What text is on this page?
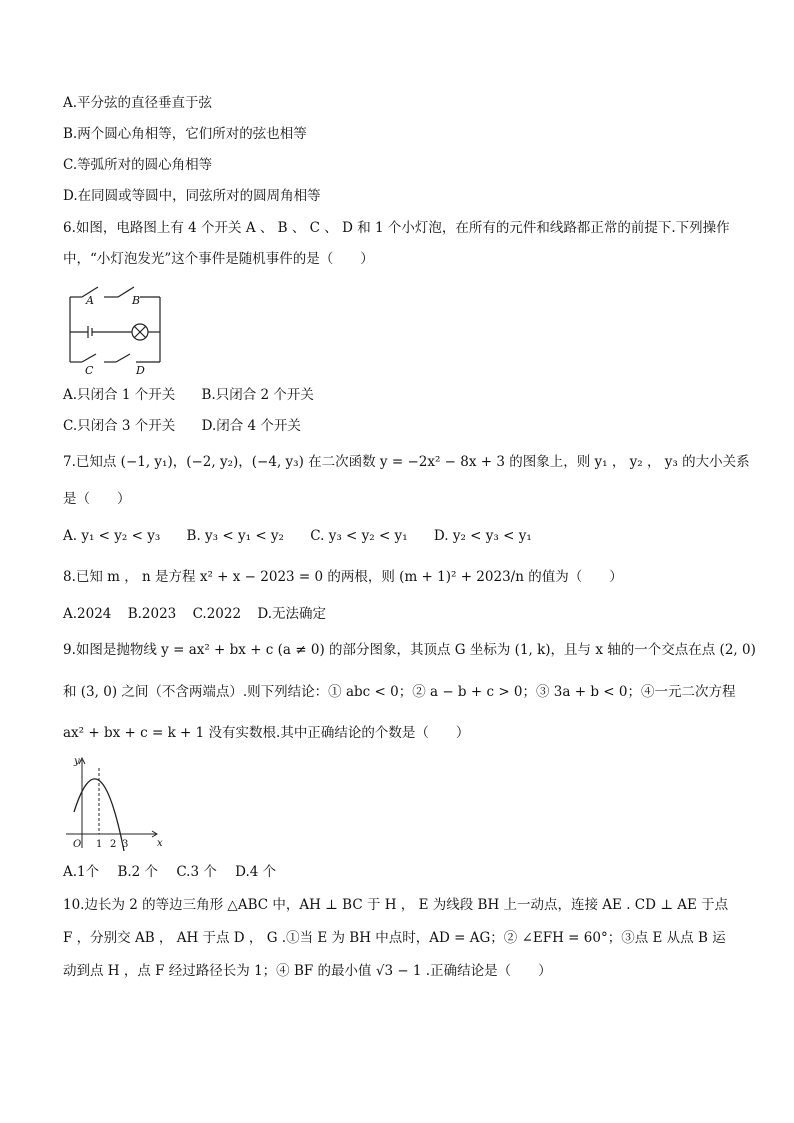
A.平分弦的直径垂直于弦
B.两个圆心角相等，它们所对的弦也相等
C.等弧所对的圆心角相等
D.在同圆或等圆中，同弦所对的圆周角相等
6.如图，电路图上有 4 个开关 A 、 B 、 C 、 D 和 1 个小灯泡，在所有的元件和线路都正常的前提下.下列操作
中，“小灯泡发光”这个事件是随机事件的是（　　）
A	B
C	D
A.只闭合 1 个开关 B.只闭合 2 个开关
C.只闭合 3 个开关 D.闭合 4 个开关
7.已知点 (−1, y₁)，(−2, y₂)，(−4, y₃) 在二次函数 y = −2x² − 8x + 3 的图象上，则 y₁ ， y₂ ， y₃ 的大小关系
是（　　）
A. y₁ < y₂ < y₃ B. y₃ < y₁ < y₂ C. y₃ < y₂ < y₁ D. y₂ < y₃ < y₁
8.已知 m ， n 是方程 x² + x − 2023 = 0 的两根，则 (m + 1)² + 2023/n 的值为（　　）
A.2024 B.2023 C.2022 D.无法确定
9.如图是抛物线 y = ax² + bx + c (a ≠ 0) 的部分图象，其顶点 G 坐标为 (1, k)，且与 x 轴的一个交点在点 (2, 0)
和 (3, 0) 之间（不含两端点）.则下列结论：① abc < 0；② a − b + c > 0；③ 3a + b < 0；④一元二次方程
ax² + bx + c = k + 1 没有实数根.其中正确结论的个数是（　　）
y
x
O 1 2 3
A.1个 B.2 个 C.3 个 D.4 个
10.边长为 2 的等边三角形 △ABC 中，AH ⊥ BC 于 H ， E 为线段 BH 上一动点，连接 AE . CD ⊥ AE 于点
F ，分别交 AB ， AH 于点 D ， G .①当 E 为 BH 中点时，AD = AG；② ∠EFH = 60°；③点 E 从点 B 运
动到点 H ，点 F 经过路径长为 1；④ BF 的最小值 √3 − 1 .正确结论是（　　）
